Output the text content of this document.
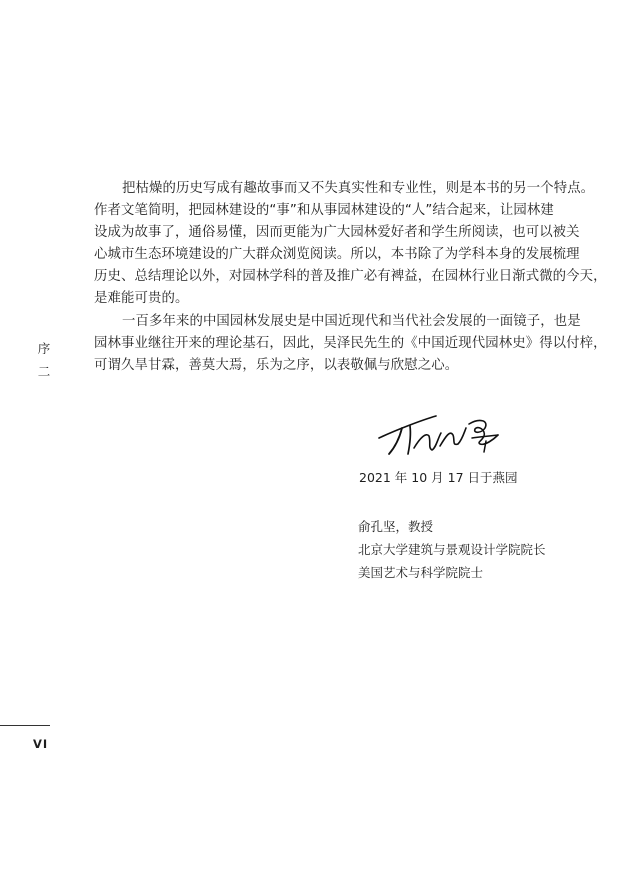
把枯燥的历史写成有趣故事而又不失真实性和专业性，则是本书的另一个特点。

作者文笔简明，把园林建设的“事”和从事园林建设的“人”结合起来，让园林建

设成为故事了，通俗易懂，因而更能为广大园林爱好者和学生所阅读，也可以被关

心城市生态环境建设的广大群众浏览阅读。所以，本书除了为学科本身的发展梳理

历史、总结理论以外，对园林学科的普及推广必有裨益，在园林行业日渐式微的今天，

是难能可贵的。

一百多年来的中国园林发展史是中国近现代和当代社会发展的一面镜子，也是

园林事业继往开来的理论基石，因此，吴泽民先生的《中国近现代园林史》得以付梓，

可谓久旱甘霖，善莫大焉，乐为之序，以表敬佩与欣慰之心。

序
二
2021 年 10 月 17 日于燕园
俞孔坚，教授
北京大学建筑与景观设计学院院长
美国艺术与科学院院士
VI
